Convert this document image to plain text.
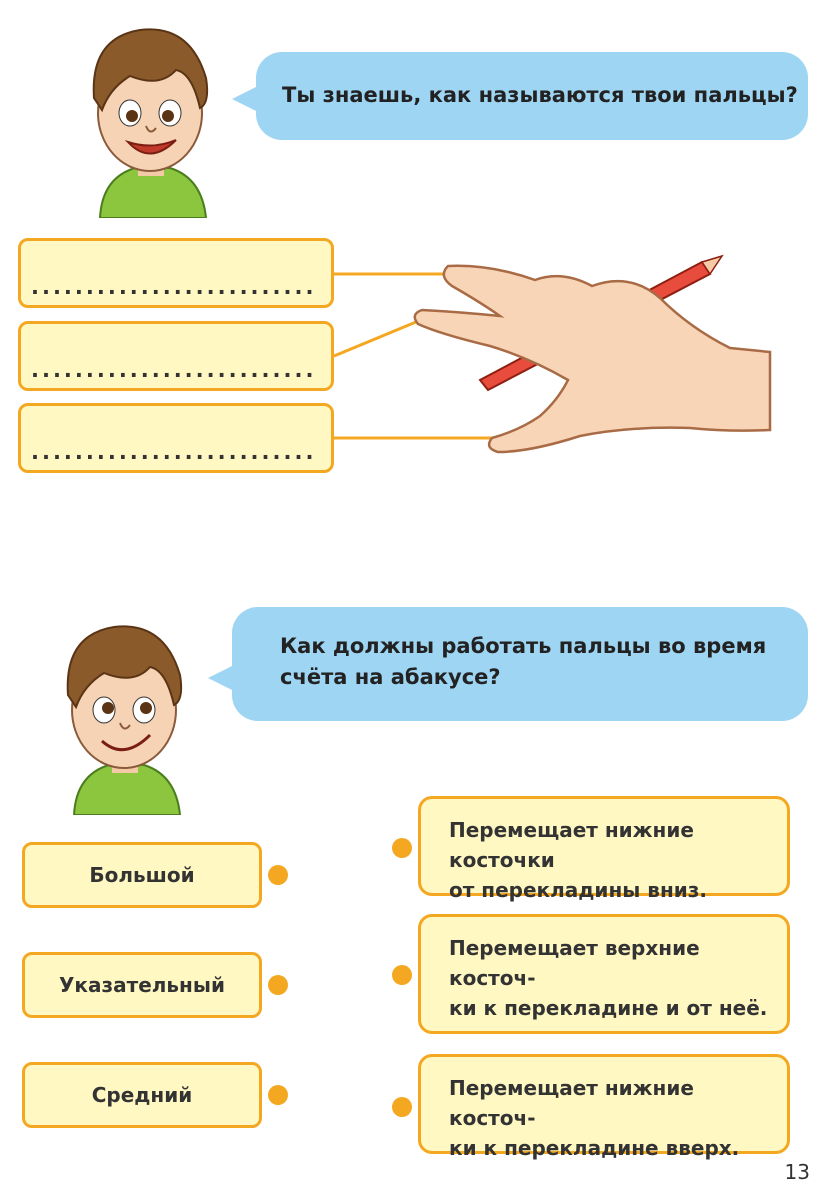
Ты знаешь, как называются твои пальцы?
..........................
..........................
..........................
Как должны работать пальцы во время
счёта на абакусе?
Большой
Указательный
Средний
Перемещает нижние косточки
от перекладины вниз.
Перемещает верхние косточ-
ки к перекладине и от неё.
Перемещает нижние косточ-
ки к перекладине вверх.
13
